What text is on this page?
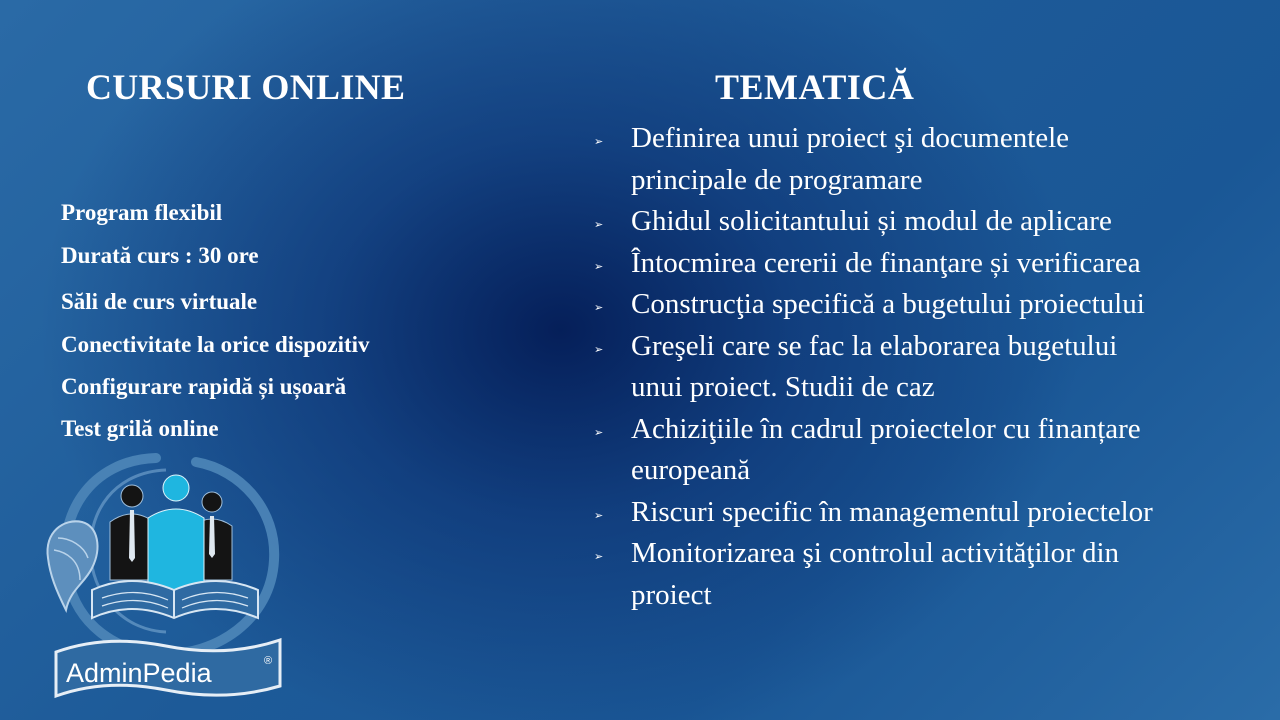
CURSURI ONLINE	TEMATICĂ
Program flexibil
Durată curs : 30 ore
Săli de curs virtuale
Conectivitate la orice dispozitiv
Configurare rapidă și ușoară
Test grilă online
➢ Definirea unui proiect şi documentele
principale de programare
➢ Ghidul solicitantului și modul de aplicare
➢ Întocmirea cererii de finanţare și verificarea
➢ Construcţia specifică a bugetului proiectului
➢ Greşeli care se fac la elaborarea bugetului
unui proiect. Studii de caz
➢ Achiziţiile în cadrul proiectelor cu finanțare
europeană
➢ Riscuri specific în managementul proiectelor
➢ Monitorizarea şi controlul activităţilor din
proiect
AdminPedia	®
